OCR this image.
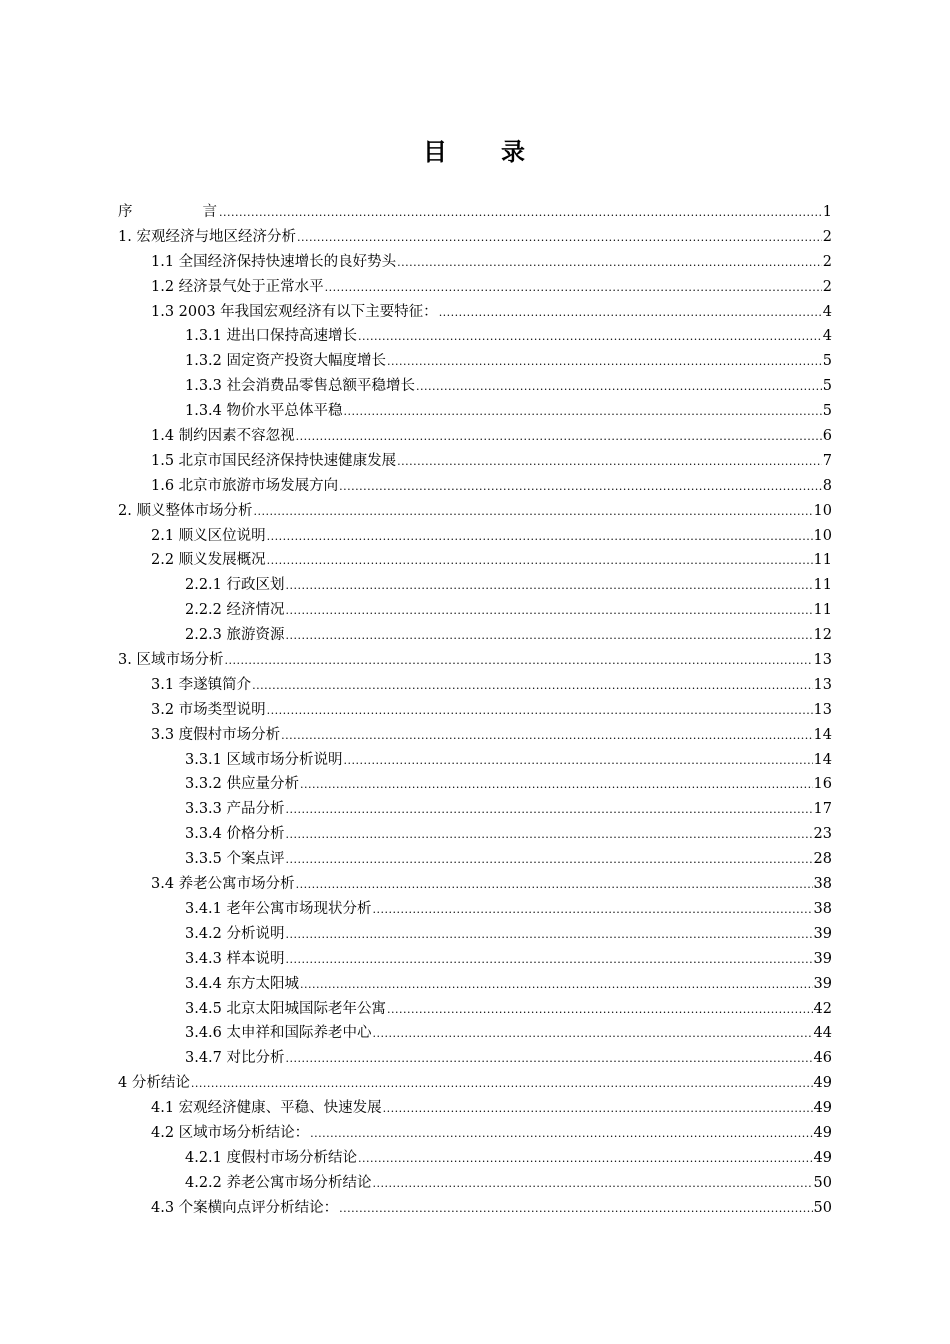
目 录
序	言 .....	1
1. 宏观经济与地区经济分析 .....	2
1.1 全国经济保持快速增长的良好势头 .....	2
1.2 经济景气处于正常水平 .....	2
1.3 2003 年我国宏观经济有以下主要特征： .....	4
1.3.1 进出口保持高速增长 .....	4
1.3.2 固定资产投资大幅度增长 .....	5
1.3.3 社会消费品零售总额平稳增长 .....	5
1.3.4 物价水平总体平稳 .....	5
1.4 制约因素不容忽视 .....	6
1.5 北京市国民经济保持快速健康发展 .....	7
1.6 北京市旅游市场发展方向 .....	8
2. 顺义整体市场分析 .....	10
2.1 顺义区位说明 .....	10
2.2 顺义发展概况 .....	11
2.2.1 行政区划 .....	11
2.2.2 经济情况 .....	11
2.2.3 旅游资源 .....	12
3. 区域市场分析 .....	13
3.1 李遂镇简介 .....	13
3.2 市场类型说明 .....	13
3.3 度假村市场分析 .....	14
3.3.1 区域市场分析说明 .....	14
3.3.2 供应量分析 .....	16
3.3.3 产品分析 .....	17
3.3.4 价格分析 .....	23
3.3.5 个案点评 .....	28
3.4 养老公寓市场分析 .....	38
3.4.1 老年公寓市场现状分析 .....	38
3.4.2 分析说明 .....	39
3.4.3 样本说明 .....	39
3.4.4 东方太阳城 .....	39
3.4.5 北京太阳城国际老年公寓 .....	42
3.4.6 太申祥和国际养老中心 .....	44
3.4.7 对比分析 .....	46
4 分析结论 .....	49
4.1 宏观经济健康、平稳、快速发展 .....	49
4.2 区域市场分析结论： .....	49
4.2.1 度假村市场分析结论 .....	49
4.2.2 养老公寓市场分析结论 .....	50
4.3 个案横向点评分析结论： .....	50
